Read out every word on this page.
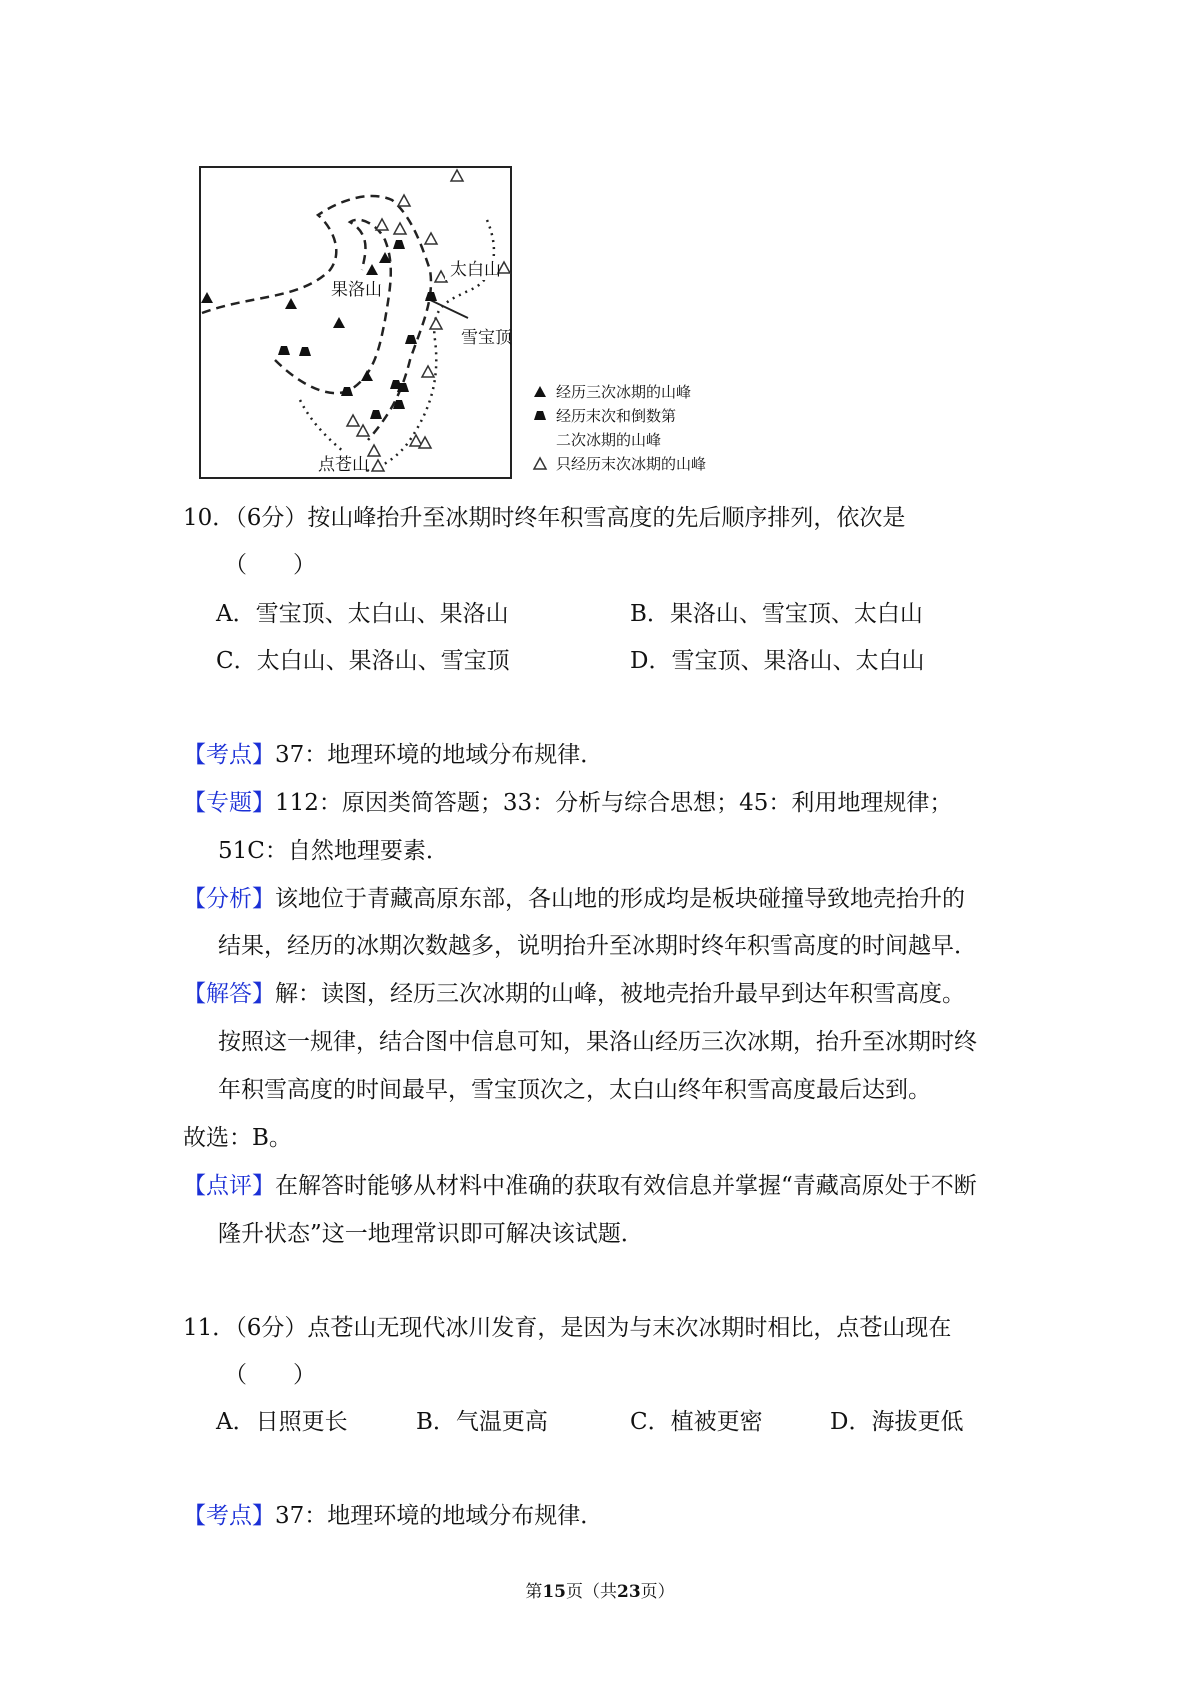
果洛山
太白山
雪宝顶
点苍山
经历三次冰期的山峰
经历末次和倒数第
二次冰期的山峰
只经历末次冰期的山峰
10．（6分）按山峰抬升至冰期时终年积雪高度的先后顺序排列，依次是
（　　）
A．雪宝顶、太白山、果洛山	B．果洛山、雪宝顶、太白山
C．太白山、果洛山、雪宝顶	D．雪宝顶、果洛山、太白山
【考点】37：地理环境的地域分布规律．
【专题】112：原因类简答题；33：分析与综合思想；45：利用地理规律；
51C：自然地理要素．
【分析】该地位于青藏高原东部，各山地的形成均是板块碰撞导致地壳抬升的
结果，经历的冰期次数越多，说明抬升至冰期时终年积雪高度的时间越早．
【解答】解：读图，经历三次冰期的山峰，被地壳抬升最早到达年积雪高度。
按照这一规律，结合图中信息可知，果洛山经历三次冰期，抬升至冰期时终
年积雪高度的时间最早，雪宝顶次之，太白山终年积雪高度最后达到。
故选：B。
【点评】在解答时能够从材料中准确的获取有效信息并掌握“青藏高原处于不断
隆升状态”这一地理常识即可解决该试题．
11．（6分）点苍山无现代冰川发育，是因为与末次冰期时相比，点苍山现在
（　　）
A．日照更长	B．气温更高	C．植被更密	D．海拔更低
【考点】37：地理环境的地域分布规律．
第15页（共23页）
